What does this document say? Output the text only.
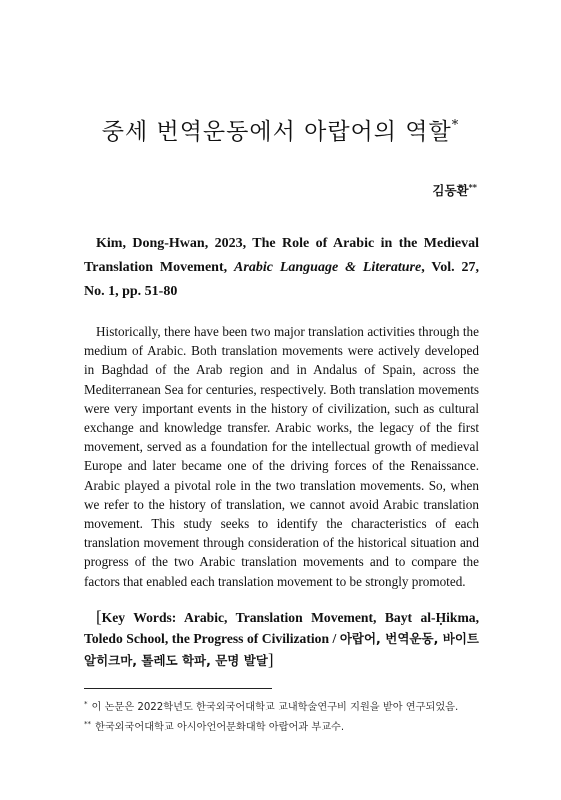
중세 번역운동에서 아랍어의 역할*
김동환**
Kim, Dong-Hwan, 2023, The Role of Arabic in the Medieval Translation Movement, Arabic Language & Literature, Vol. 27, No. 1, pp. 51-80
Historically, there have been two major translation activities through the medium of Arabic. Both translation movements were actively developed in Baghdad of the Arab region and in Andalus of Spain, across the Mediterranean Sea for centuries, respectively. Both translation movements were very important events in the history of civilization, such as cultural exchange and knowledge transfer. Arabic works, the legacy of the first movement, served as a foundation for the intellectual growth of medieval Europe and later became one of the driving forces of the Renaissance. Arabic played a pivotal role in the two translation movements. So, when we refer to the history of translation, we cannot avoid Arabic translation movement. This study seeks to identify the characteristics of each translation movement through consideration of the historical situation and progress of the two Arabic translation movements and to compare the factors that enabled each translation movement to be strongly promoted.
[Key Words: Arabic, Translation Movement, Bayt al-Ḥikma, Toledo School, the Progress of Civilization / 아랍어, 번역운동, 바이트 알히크마, 톨레도 학파, 문명 발달]

* 이 논문은 2022학년도 한국외국어대학교 교내학술연구비 지원을 받아 연구되었음.

** 한국외국어대학교 아시아언어문화대학 아랍어과 부교수.
